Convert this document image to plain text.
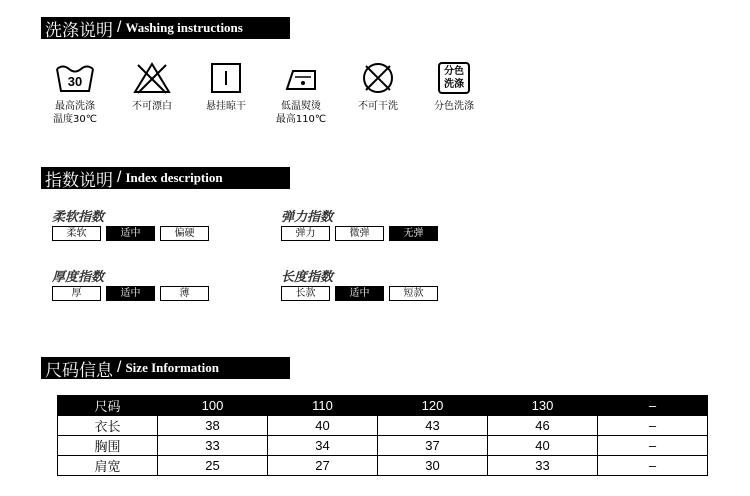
洗涤说明 / Washing instructions
30
最高洗涤
温度30℃
不可漂白	悬挂晾干	低温熨烫
最高110℃
不可干洗
分色
洗涤
分色洗涤
指数说明 / Index description
柔软指数
柔软	适中	偏硬
弹力指数
弹力	微弹	无弹
厚度指数
厚	适中	薄
长度指数
长款	适中	短款
尺码信息 / Size Information
尺码	100	110	120	130	–
衣长	38	40	43	46	–
胸围	33	34	37	40	–
肩宽	25	27	30	33	–
